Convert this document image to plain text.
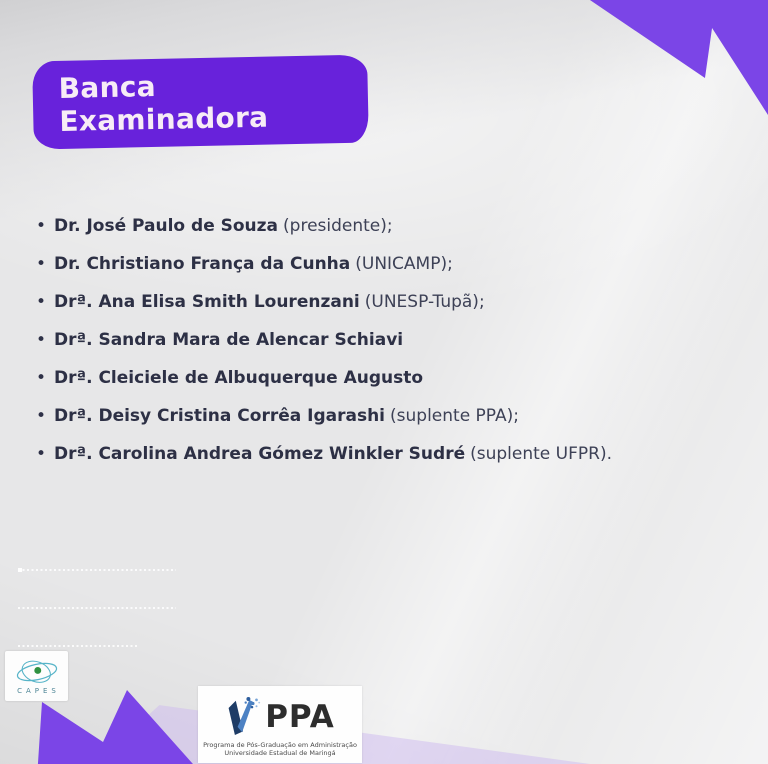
Banca Examinadora
• Dr. José Paulo de Souza (presidente);
• Dr. Christiano França da Cunha (UNICAMP);
• Drª. Ana Elisa Smith Lourenzani (UNESP-Tupã);
• Drª. Sandra Mara de Alencar Schiavi
• Drª. Cleiciele de Albuquerque Augusto
• Drª. Deisy Cristina Corrêa Igarashi (suplente PPA);
• Drª. Carolina Andrea Gómez Winkler Sudré (suplente UFPR).
CAPES
PPA
Programa de Pós-Graduação em Administração
Universidade Estadual de Maringá
